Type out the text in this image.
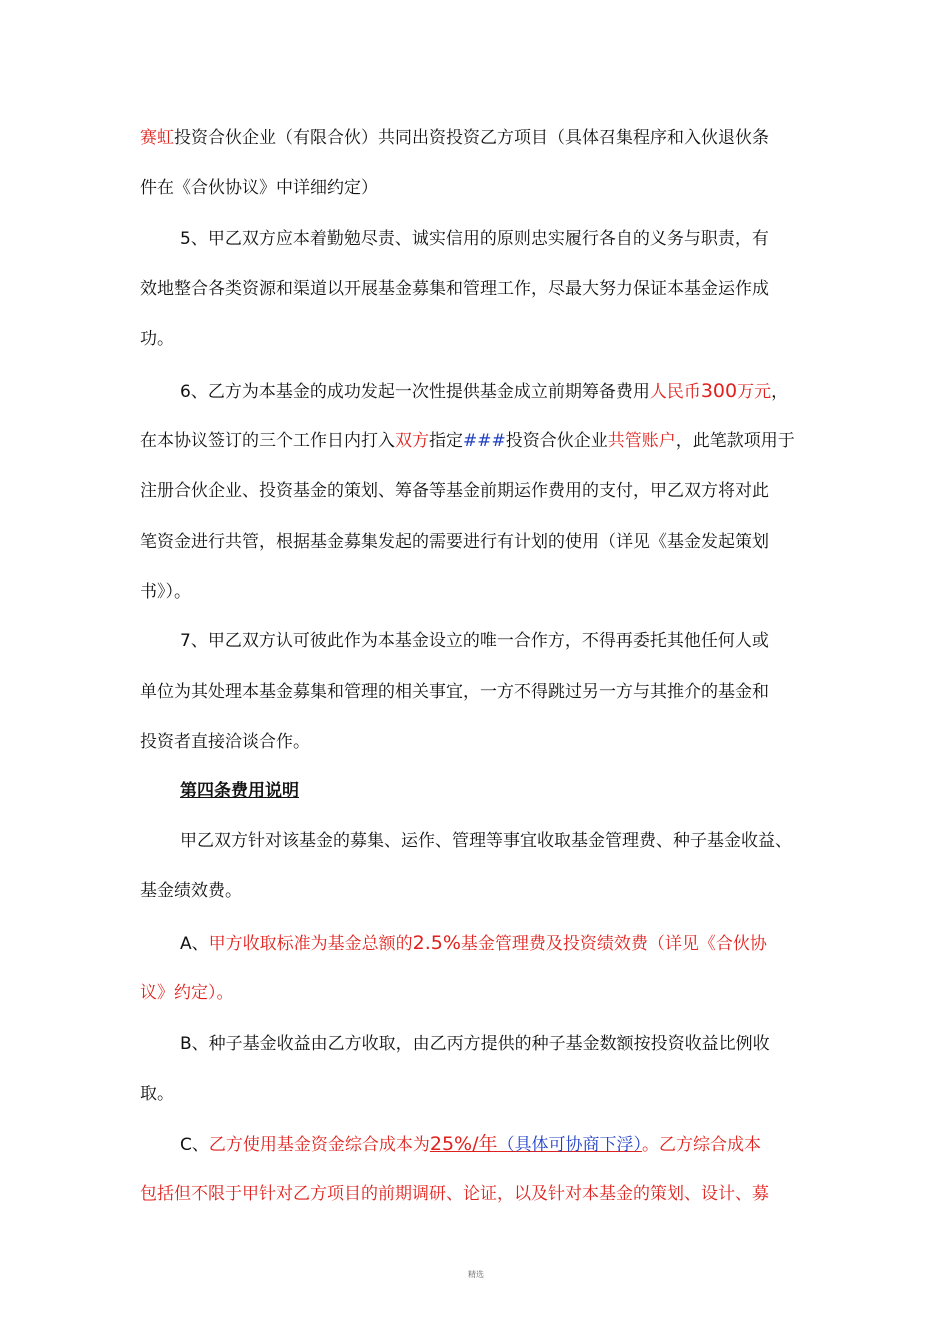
赛虹投资合伙企业（有限合伙）共同出资投资乙方项目（具体召集程序和入伙退伙条
件在《合伙协议》中详细约定）
5、甲乙双方应本着勤勉尽责、诚实信用的原则忠实履行各自的义务与职责，有
效地整合各类资源和渠道以开展基金募集和管理工作，尽最大努力保证本基金运作成
功。
6、乙方为本基金的成功发起一次性提供基金成立前期筹备费用人民币300万元，
在本协议签订的三个工作日内打入双方指定###投资合伙企业共管账户，此笔款项用于
注册合伙企业、投资基金的策划、筹备等基金前期运作费用的支付，甲乙双方将对此
笔资金进行共管，根据基金募集发起的需要进行有计划的使用（详见《基金发起策划
书》）。
7、甲乙双方认可彼此作为本基金设立的唯一合作方，不得再委托其他任何人或
单位为其处理本基金募集和管理的相关事宜，一方不得跳过另一方与其推介的基金和
投资者直接洽谈合作。
第四条费用说明
甲乙双方针对该基金的募集、运作、管理等事宜收取基金管理费、种子基金收益、
基金绩效费。
A、甲方收取标准为基金总额的2.5%基金管理费及投资绩效费（详见《合伙协
议》约定）。
B、种子基金收益由乙方收取，由乙丙方提供的种子基金数额按投资收益比例收
取。
C、乙方使用基金资金综合成本为25%/年（具体可协商下浮）。乙方综合成本
包括但不限于甲针对乙方项目的前期调研、论证，以及针对本基金的策划、设计、募
精选
